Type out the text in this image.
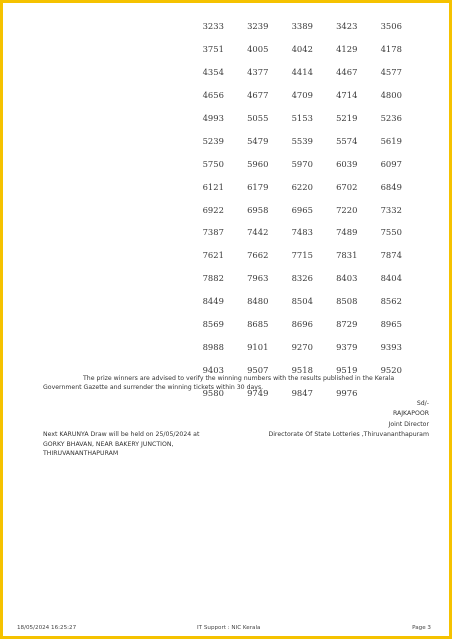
3233	3239	3389	3423	3506
3751	4005	4042	4129	4178
4354	4377	4414	4467	4577
4656	4677	4709	4714	4800
4993	5055	5153	5219	5236
5239	5479	5539	5574	5619
5750	5960	5970	6039	6097
6121	6179	6220	6702	6849
6922	6958	6965	7220	7332
7387	7442	7483	7489	7550
7621	7662	7715	7831	7874
7882	7963	8326	8403	8404
8449	8480	8504	8508	8562
8569	8685	8696	8729	8965
8988	9101	9270	9379	9393
9403	9507	9518	9519	9520
9580	9749	9847	9976

The prize winners are advised to verify the winning numbers with the results published in the Kerala

Government Gazette and surrender the winning tickets within 30 days.
Sd/-
RAJKAPOOR
Joint Director
Directorate Of State Lotteries ,Thiruvananthapuram
Next KARUNYA Draw will be held on 25/05/2024 at
GORKY BHAVAN, NEAR BAKERY JUNCTION,
THIRUVANANTHAPURAM
18/05/2024 16:25:27	IT Support : NIC Kerala	Page 3
